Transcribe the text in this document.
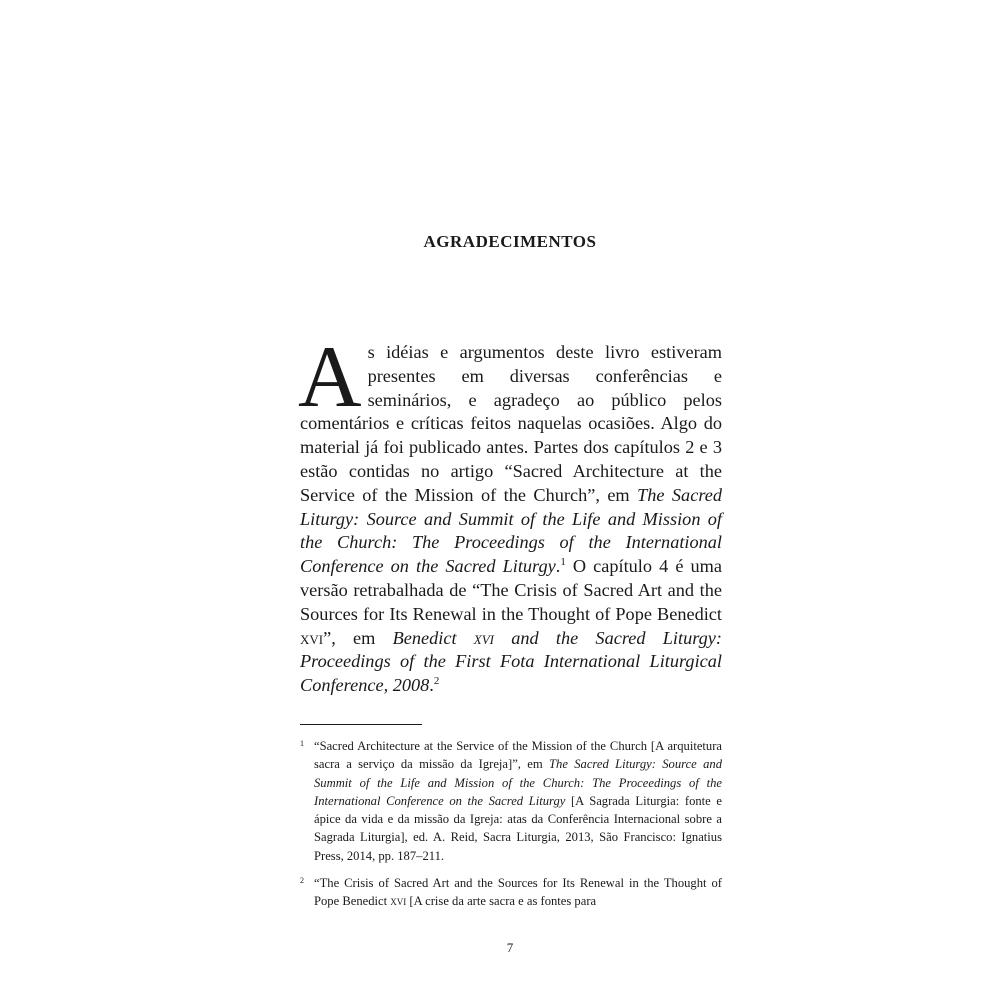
AGRADECIMENTOS

As idéias e argumentos deste livro estiveram presentes em diversas conferências e seminários, e agradeço ao público pelos comentários e críticas feitos naquelas ocasiões. Algo do material já foi publicado antes. Partes dos capítulos 2 e 3 estão contidas no artigo “Sacred Architecture at the Service of the Mission of the Church”, em The Sacred Liturgy: Source and Summit of the Life and Mission of the Church: The Proceedings of the International Conference on the Sacred Liturgy.$^1$ O capítulo 4 é uma versão retrabalhada de “The Crisis of Sacred Art and the Sources for Its Renewal in the Thought of Pope Benedict xvi”, em Benedict xvi and the Sacred Liturgy: Proceedings of the First Fota International Liturgical Conference, 2008.$^2$

1 “Sacred Architecture at the Service of the Mission of the Church [A arquitetura sacra a serviço da missão da Igreja]”, em The Sacred Liturgy: Source and Summit of the Life and Mission of the Church: The Proceedings of the International Conference on the Sacred Liturgy [A Sagrada Liturgia: fonte e ápice da vida e da missão da Igreja: atas da Conferência Internacional sobre a Sagrada Liturgia], ed. A. Reid, Sacra Liturgia, 2013, São Francisco: Ignatius Press, 2014, pp. 187–211.
2 “The Crisis of Sacred Art and the Sources for Its Renewal in the Thought of Pope Benedict xvi [A crise da arte sacra e as fontes para
7
